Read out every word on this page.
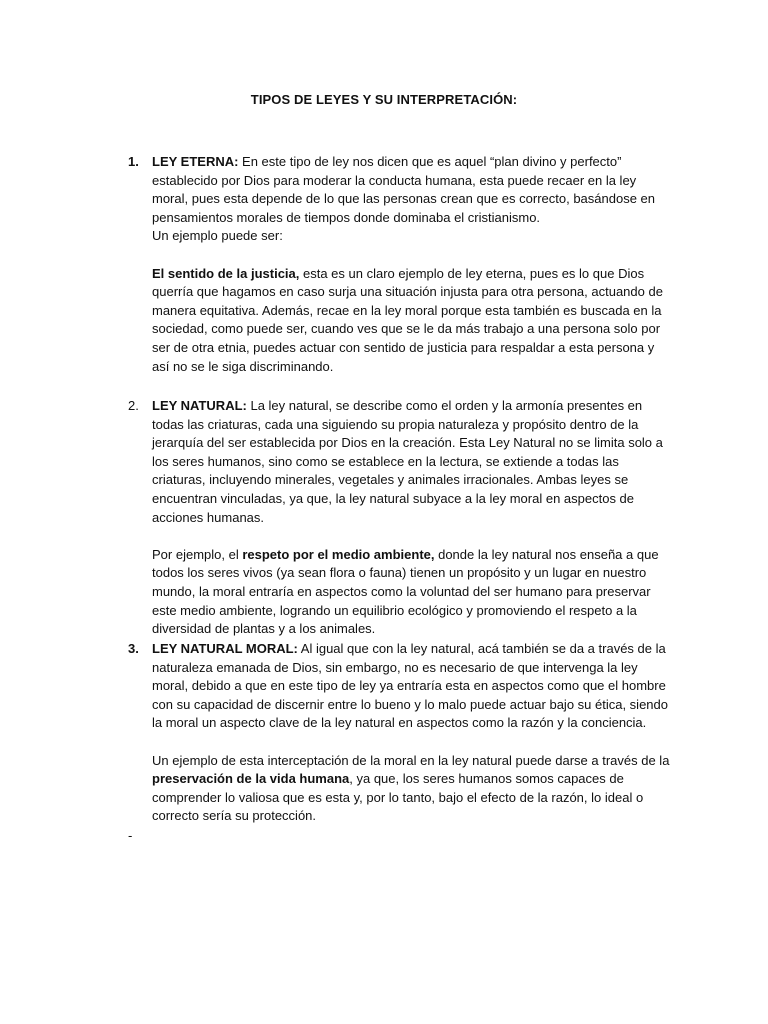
TIPOS DE LEYES Y SU INTERPRETACIÓN:
1. LEY ETERNA: En este tipo de ley nos dicen que es aquel “plan divino y perfecto” establecido por Dios para moderar la conducta humana, esta puede recaer en la ley moral, pues esta depende de lo que las personas crean que es correcto, basándose en pensamientos morales de tiempos donde dominaba el cristianismo.

Un ejemplo puede ser:

El sentido de la justicia, esta es un claro ejemplo de ley eterna, pues es lo que Dios querría que hagamos en caso surja una situación injusta para otra persona, actuando de manera equitativa. Además, recae en la ley moral porque esta también es buscada en la sociedad, como puede ser, cuando ves que se le da más trabajo a una persona solo por ser de otra etnia, puedes actuar con sentido de justicia para respaldar a esta persona y así no se le siga discriminando.

2. LEY NATURAL: La ley natural, se describe como el orden y la armonía presentes en todas las criaturas, cada una siguiendo su propia naturaleza y propósito dentro de la jerarquía del ser establecida por Dios en la creación. Esta Ley Natural no se limita solo a los seres humanos, sino como se establece en la lectura, se extiende a todas las criaturas, incluyendo minerales, vegetales y animales irracionales. Ambas leyes se encuentran vinculadas, ya que, la ley natural subyace a la ley moral en aspectos de acciones humanas.

Por ejemplo, el respeto por el medio ambiente, donde la ley natural nos enseña a que todos los seres vivos (ya sean flora o fauna) tienen un propósito y un lugar en nuestro mundo, la moral entraría en aspectos como la voluntad del ser humano para preservar este medio ambiente, logrando un equilibrio ecológico y promoviendo el respeto a la diversidad de plantas y a los animales.

3. LEY NATURAL MORAL: Al igual que con la ley natural, acá también se da a través de la naturaleza emanada de Dios, sin embargo, no es necesario de que intervenga la ley moral, debido a que en este tipo de ley ya entraría esta en aspectos como que el hombre con su capacidad de discernir entre lo bueno y lo malo puede actuar bajo su ética, siendo la moral un aspecto clave de la ley natural en aspectos como la razón y la conciencia.

Un ejemplo de esta interceptación de la moral en la ley natural puede darse a través de la preservación de la vida humana, ya que, los seres humanos somos capaces de comprender lo valiosa que es esta y, por lo tanto, bajo el efecto de la razón, lo ideal o correcto sería su protección.

-
